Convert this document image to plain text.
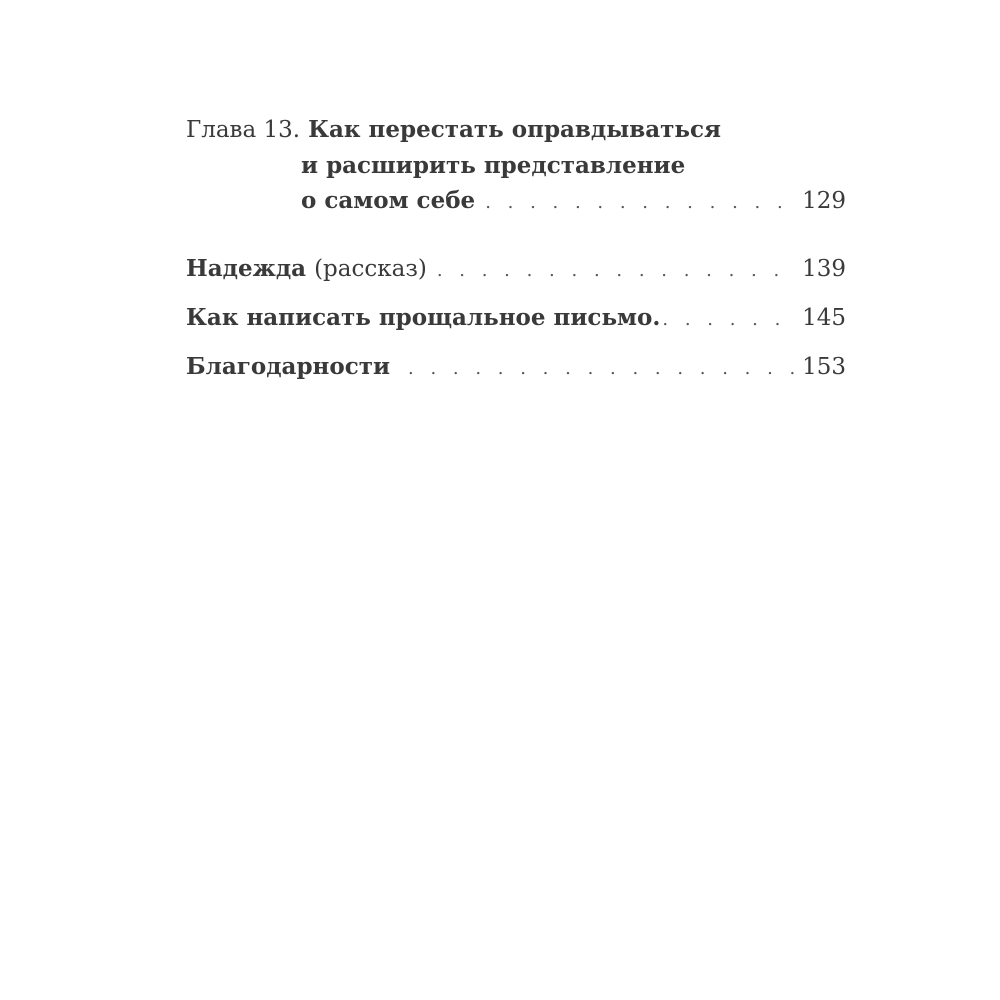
Глава 13. Как перестать оправдываться
и расширить представление
о самом себе . . .	129
Надежда (рассказ) . . .	139
Как написать прощальное письмо. . . .	145
Благодарности . . .	153
